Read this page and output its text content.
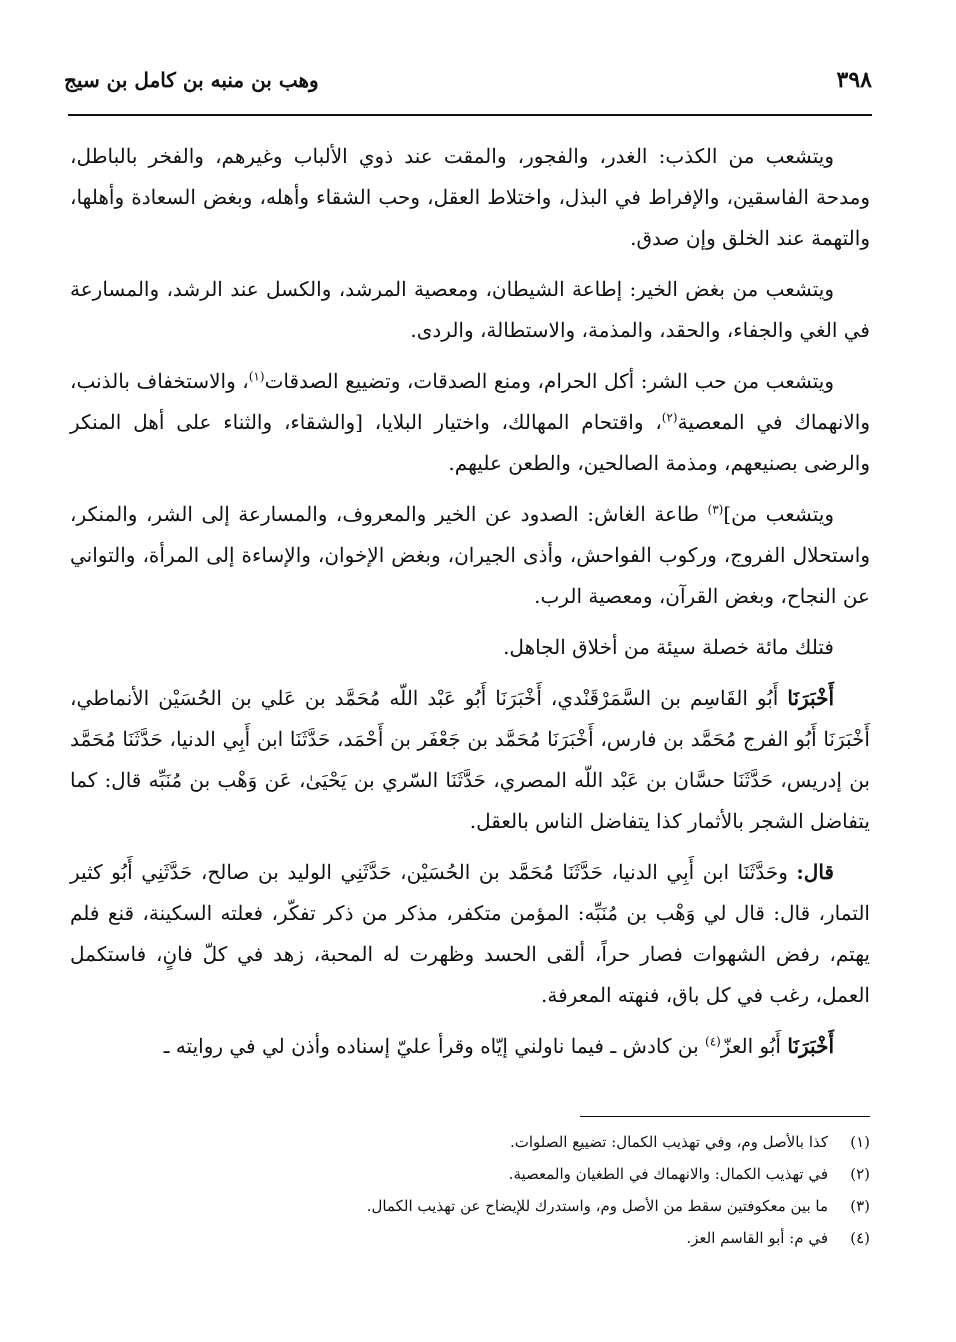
٣٩٨
وهب بن منبه بن كامل بن سيج

ويتشعب من الكذب: الغدر، والفجور، والمقت عند ذوي الألباب وغيرهم، والفخر بالباطل، ومدحة الفاسقين، والإفراط في البذل، واختلاط العقل، وحب الشقاء وأهله، وبغض السعادة وأهلها، والتهمة عند الخلق وإن صدق.

ويتشعب من بغض الخير: إطاعة الشيطان، ومعصية المرشد، والكسل عند الرشد، والمسارعة في الغي والجفاء، والحقد، والمذمة، والاستطالة، والردى.

ويتشعب من حب الشر: أكل الحرام، ومنع الصدقات، وتضييع الصدقات$^{(١)}$، والاستخفاف بالذنب، والانهماك في المعصية$^{(٢)}$، واقتحام المهالك، واختيار البلايا، [والشقاء، والثناء على أهل المنكر والرضى بصنيعهم، ومذمة الصالحين، والطعن عليهم.

ويتشعب من]$^{(٣)}$ طاعة الغاش: الصدود عن الخير والمعروف، والمسارعة إلى الشر، والمنكر، واستحلال الفروج، وركوب الفواحش، وأذى الجيران، وبغض الإخوان، والإساءة إلى المرأة، والتواني عن النجاح، وبغض القرآن، ومعصية الرب.

فتلك مائة خصلة سيئة من أخلاق الجاهل.

أَخْبَرَنَا أَبُو القَاسِم بن السَّمَرْقَنْدي، أَخْبَرَنَا أَبُو عَبْد اللّه مُحَمَّد بن عَلي بن الحُسَيْن الأنماطي، أَخْبَرَنَا أَبُو الفرج مُحَمَّد بن فارس، أَخْبَرَنَا مُحَمَّد بن جَعْفَر بن أَحْمَد، حَدَّثَنَا ابن أَبِي الدنيا، حَدَّثَنَا مُحَمَّد بن إدريس، حَدَّثَنَا حسَّان بن عَبْد اللّه المصري، حَدَّثَنَا السّري بن يَحْيَىٰ، عَن وَهْب بن مُنَبِّه قال: كما يتفاضل الشجر بالأثمار كذا يتفاضل الناس بالعقل.

قال: وحَدَّثَنَا ابن أَبِي الدنيا، حَدَّثَنَا مُحَمَّد بن الحُسَيْن، حَدَّثَنِي الوليد بن صالح، حَدَّثَنِي أَبُو كثير التمار، قال: قال لي وَهْب بن مُنَبِّه: المؤمن متكفر، مذكر من ذكر تفكّر، فعلته السكينة، قنع فلم يهتم، رفض الشهوات فصار حراً، ألقى الحسد وظهرت له المحبة، زهد في كلّ فانٍ، فاستكمل العمل، رغب في كل باق، فنهته المعرفة.

أَخْبَرَنَا أَبُو العزّ$^{(٤)}$ بن كادش ـ فيما ناولني إيّاه وقرأ عليّ إسناده وأذن لي في روايته ـ

(١)
كذا بالأصل وم، وفي تهذيب الكمال: تضييع الصلوات.
(٢)
في تهذيب الكمال: والانهماك في الطغيان والمعصية.
(٣)
ما بين معكوفتين سقط من الأصل وم، واستدرك للإيضاح عن تهذيب الكمال.
(٤)
في م: أبو القاسم العز.
